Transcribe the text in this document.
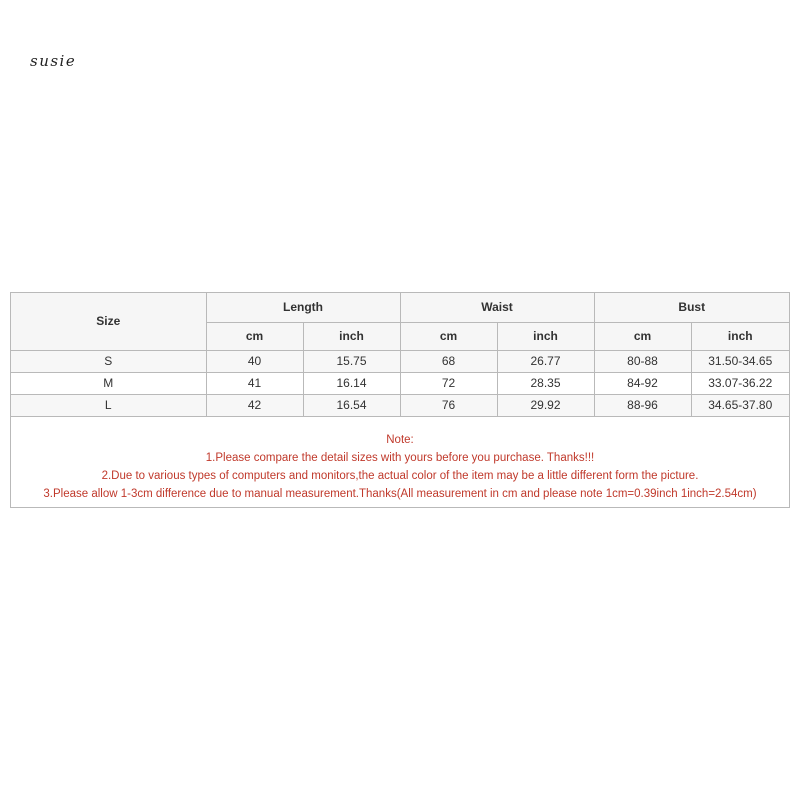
susie
Size	Length		Waist		Bust	
	cm	inch	cm	inch	cm	inch
S	40	15.75	68	26.77	80-88	31.50-34.65
M	41	16.14	72	28.35	84-92	33.07-36.22
L	42	16.54	76	29.92	88-96	34.65-37.80
Note:
1.Please compare the detail sizes with yours before you purchase. Thanks!!!
2.Due to various types of computers and monitors,the actual color of the item may be a little different form the picture.
3.Please allow 1-3cm difference due to manual measurement.Thanks(All measurement in cm and please note 1cm=0.39inch 1inch=2.54cm)
